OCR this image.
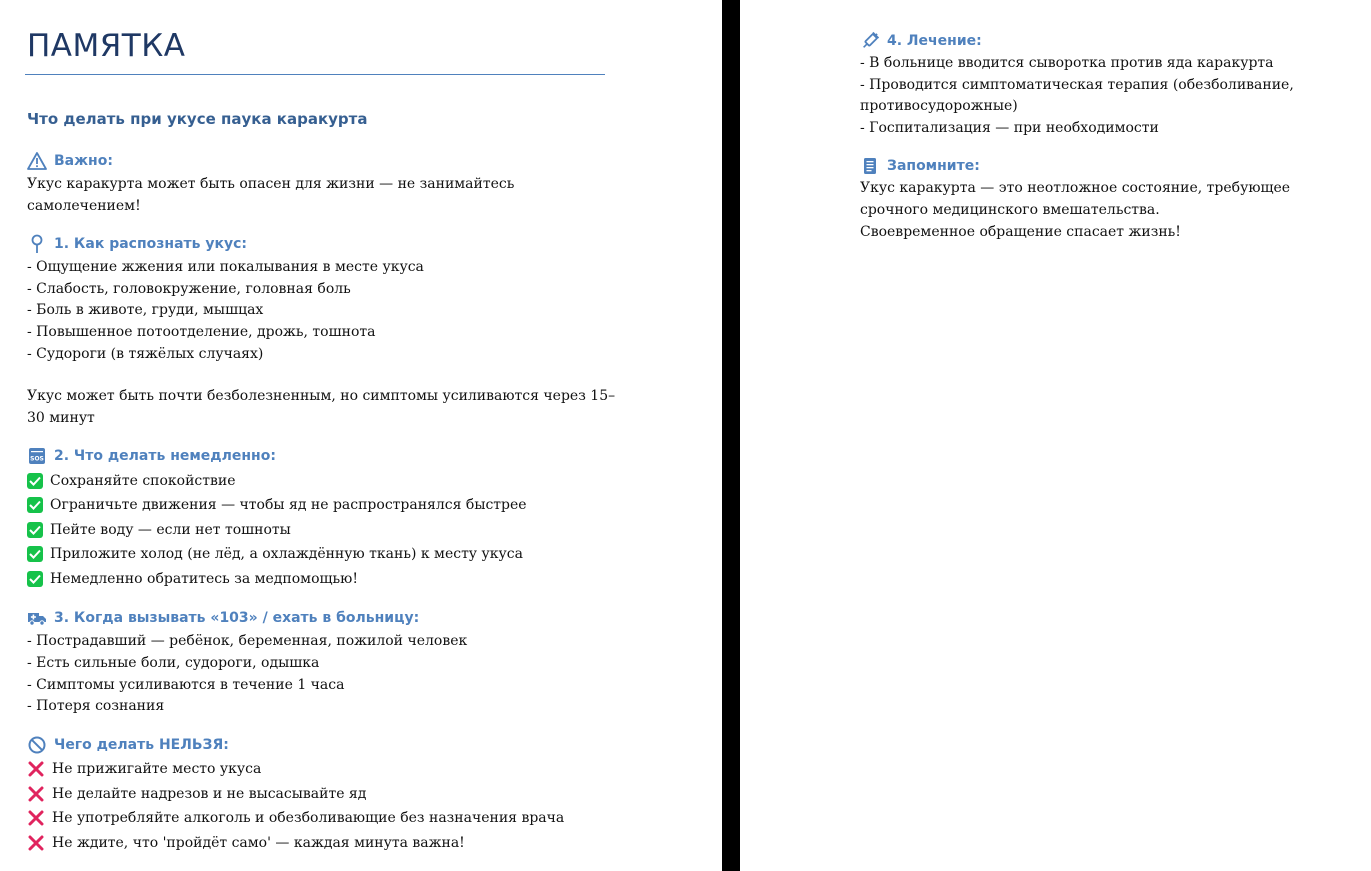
ПАМЯТКА
Что делать при укусе паука каракурта
Важно:

Укус каракурта может быть опасен для жизни — не занимайтесь самолечением!

1. Как распознать укус:

- Ощущение жжения или покалывания в месте укуса

- Слабость, головокружение, головная боль

- Боль в животе, груди, мышцах

- Повышенное потоотделение, дрожь, тошнота

- Судороги (в тяжёлых случаях)

Укус может быть почти безболезненным, но симптомы усиливаются через 15–30 минут

SOS 2. Что делать немедленно:
Сохраняйте спокойствие
Ограничьте движения — чтобы яд не распространялся быстрее
Пейте воду — если нет тошноты
Приложите холод (не лёд, а охлаждённую ткань) к месту укуса
Немедленно обратитесь за медпомощью!
3. Когда вызывать «103» / ехать в больницу:

- Пострадавший — ребёнок, беременная, пожилой человек

- Есть сильные боли, судороги, одышка

- Симптомы усиливаются в течение 1 часа

- Потеря сознания

Чего делать НЕЛЬЗЯ:
Не прижигайте место укуса
Не делайте надрезов и не высасывайте яд
Не употребляйте алкоголь и обезболивающие без назначения врача
Не ждите, что 'пройдёт само' — каждая минута важна!
4. Лечение:

- В больнице вводится сыворотка против яда каракурта

- Проводится симптоматическая терапия (обезболивание, противосудорожные)

- Госпитализация — при необходимости

Запомните:

Укус каракурта — это неотложное состояние, требующее срочного медицинского вмешательства.

Своевременное обращение спасает жизнь!
